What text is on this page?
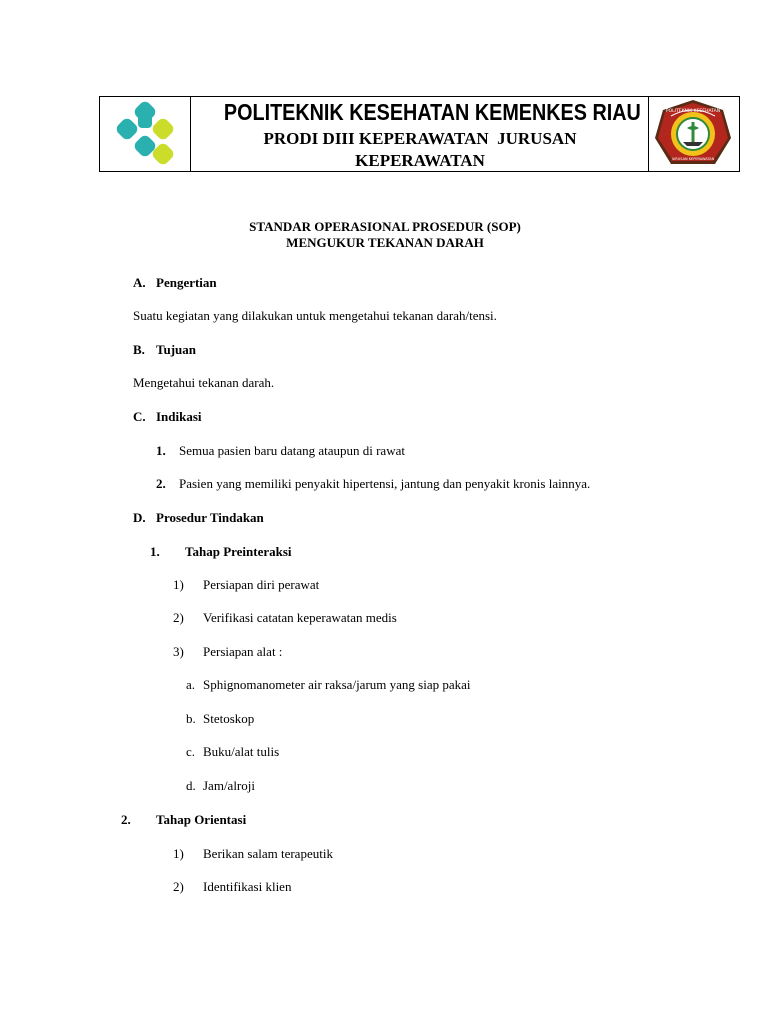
POLITEKNIK KESEHATAN KEMENKES RIAU
PRODI DIII KEPERAWATAN  JURUSAN
KEPERAWATAN
POLITEKNIK KESEHATAN
JURUSAN KEPERAWATAN
STANDAR OPERASIONAL PROSEDUR (SOP)
MENGUKUR TEKANAN DARAH
A. Pengertian
Suatu kegiatan yang dilakukan untuk mengetahui tekanan darah/tensi.
B. Tujuan
Mengetahui tekanan darah.
C. Indikasi
1. Semua pasien baru datang ataupun di rawat
2. Pasien yang memiliki penyakit hipertensi, jantung dan penyakit kronis lainnya.
D. Prosedur Tindakan
1. Tahap Preinteraksi
1) Persiapan diri perawat
2) Verifikasi catatan keperawatan medis
3) Persiapan alat :
a. Sphignomanometer air raksa/jarum yang siap pakai
b. Stetoskop
c. Buku/alat tulis
d. Jam/alroji
2. Tahap Orientasi
1) Berikan salam terapeutik
2) Identifikasi klien
